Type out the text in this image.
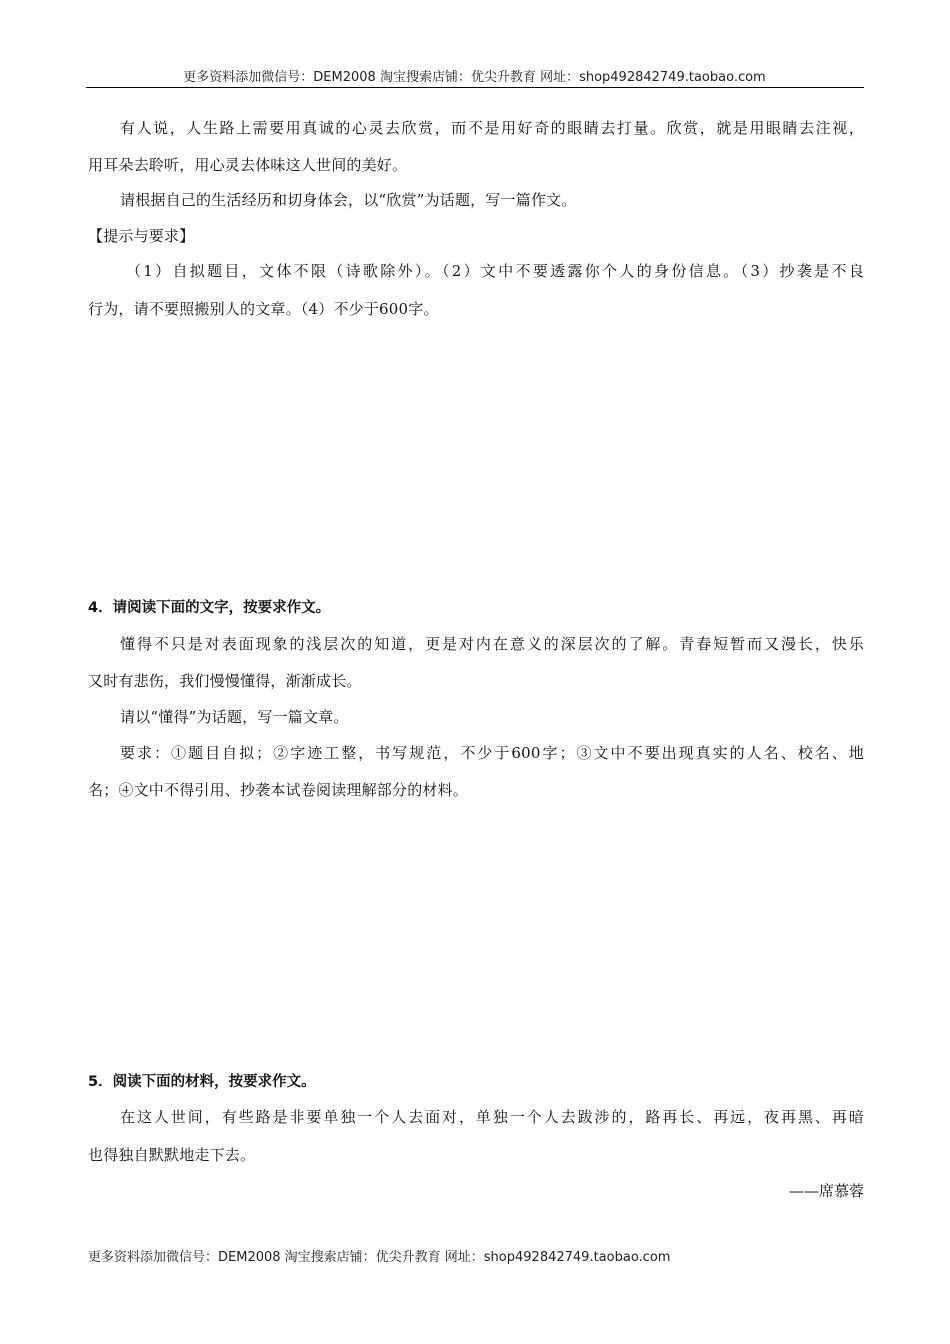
更多资料添加微信号：DEM2008 淘宝搜索店铺：优尖升教育 网址：shop492842749.taobao.com
有人说，人生路上需要用真诚的心灵去欣赏，而不是用好奇的眼睛去打量。欣赏，就是用眼睛去注视，
用耳朵去聆听，用心灵去体味这人世间的美好。
请根据自己的生活经历和切身体会，以“欣赏”为话题，写一篇作文。
【提示与要求】
（1）自拟题目，文体不限（诗歌除外）。（2）文中不要透露你个人的身份信息。（3）抄袭是不良
行为，请不要照搬别人的文章。（4）不少于600字。
4．请阅读下面的文字，按要求作文。
懂得不只是对表面现象的浅层次的知道，更是对内在意义的深层次的了解。青春短暂而又漫长，快乐
又时有悲伤，我们慢慢懂得，渐渐成长。
请以“懂得”为话题，写一篇文章。
要求：①题目自拟；②字迹工整，书写规范，不少于600字；③文中不要出现真实的人名、校名、地
名；④文中不得引用、抄袭本试卷阅读理解部分的材料。
5．阅读下面的材料，按要求作文。
在这人世间，有些路是非要单独一个人去面对，单独一个人去跋涉的，路再长、再远，夜再黑、再暗
也得独自默默地走下去。
——席慕蓉
更多资料添加微信号：DEM2008 淘宝搜索店铺：优尖升教育 网址：shop492842749.taobao.com
